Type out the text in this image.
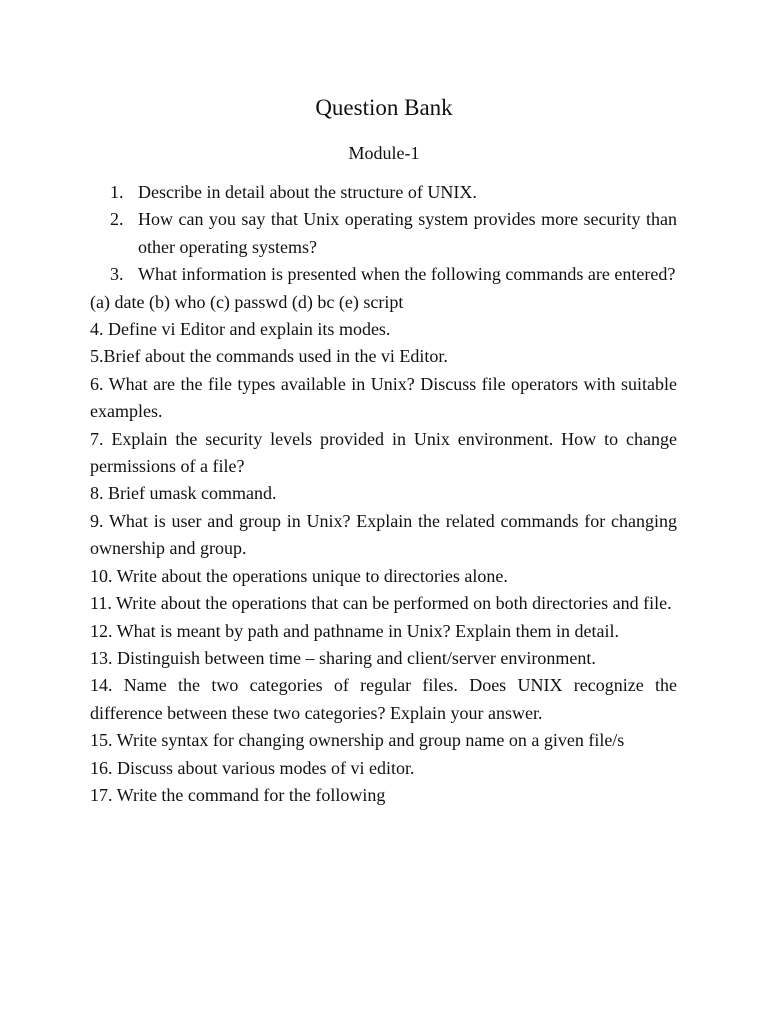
Question Bank
Module-1
1. Describe in detail about the structure of UNIX.
2. How can you say that Unix operating system provides more security than other operating systems?
3. What information is presented when the following commands are entered?

(a) date (b) who (c) passwd (d) bc (e) script

4. Define vi Editor and explain its modes.

5.Brief about the commands used in the vi Editor.

6. What are the file types available in Unix? Discuss file operators with suitable examples.

7. Explain the security levels provided in Unix environment. How to change permissions of a file?

8. Brief umask command.

9. What is user and group in Unix? Explain the related commands for changing ownership and group.

10. Write about the operations unique to directories alone.

11. Write about the operations that can be performed on both directories and file.

12. What is meant by path and pathname in Unix? Explain them in detail.

13. Distinguish between time – sharing and client/server environment.

14. Name the two categories of regular files. Does UNIX recognize the difference between these two categories? Explain your answer.

15. Write syntax for changing ownership and group name on a given file/s

16. Discuss about various modes of vi editor.

17. Write the command for the following
